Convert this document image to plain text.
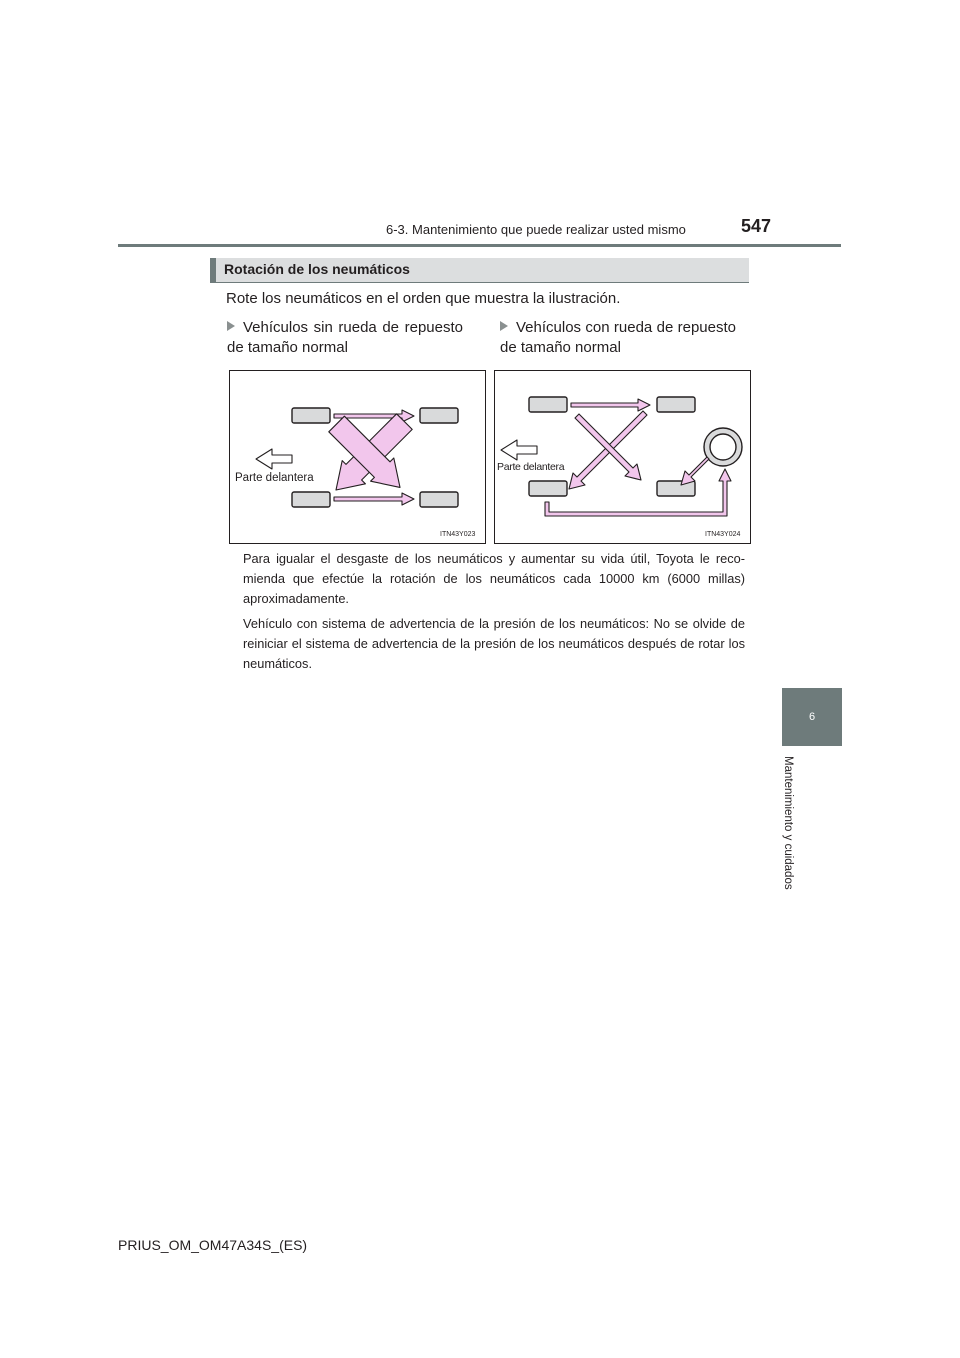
6-3. Mantenimiento que puede realizar usted mismo	547
6
Mantenimiento y cuidados
Rotación de los neumáticos
Rote los neumáticos en el orden que muestra la ilustración.
Vehículos sin rueda de repuesto de tamaño normal
Vehículos con rueda de repuesto de tamaño normal
Parte delantera
ITN43Y023
Parte delantera
ITN43Y024
Para igualar el desgaste de los neumáticos y aumentar su vida útil, Toyota le reco-mienda que efectúe la rotación de los neumáticos cada 10000 km (6000 millas) aproximadamente.
Vehículo con sistema de advertencia de la presión de los neumáticos: No se olvide de reiniciar el sistema de advertencia de la presión de los neumáticos después de rotar los neumáticos.
PRIUS_OM_OM47A34S_(ES)
